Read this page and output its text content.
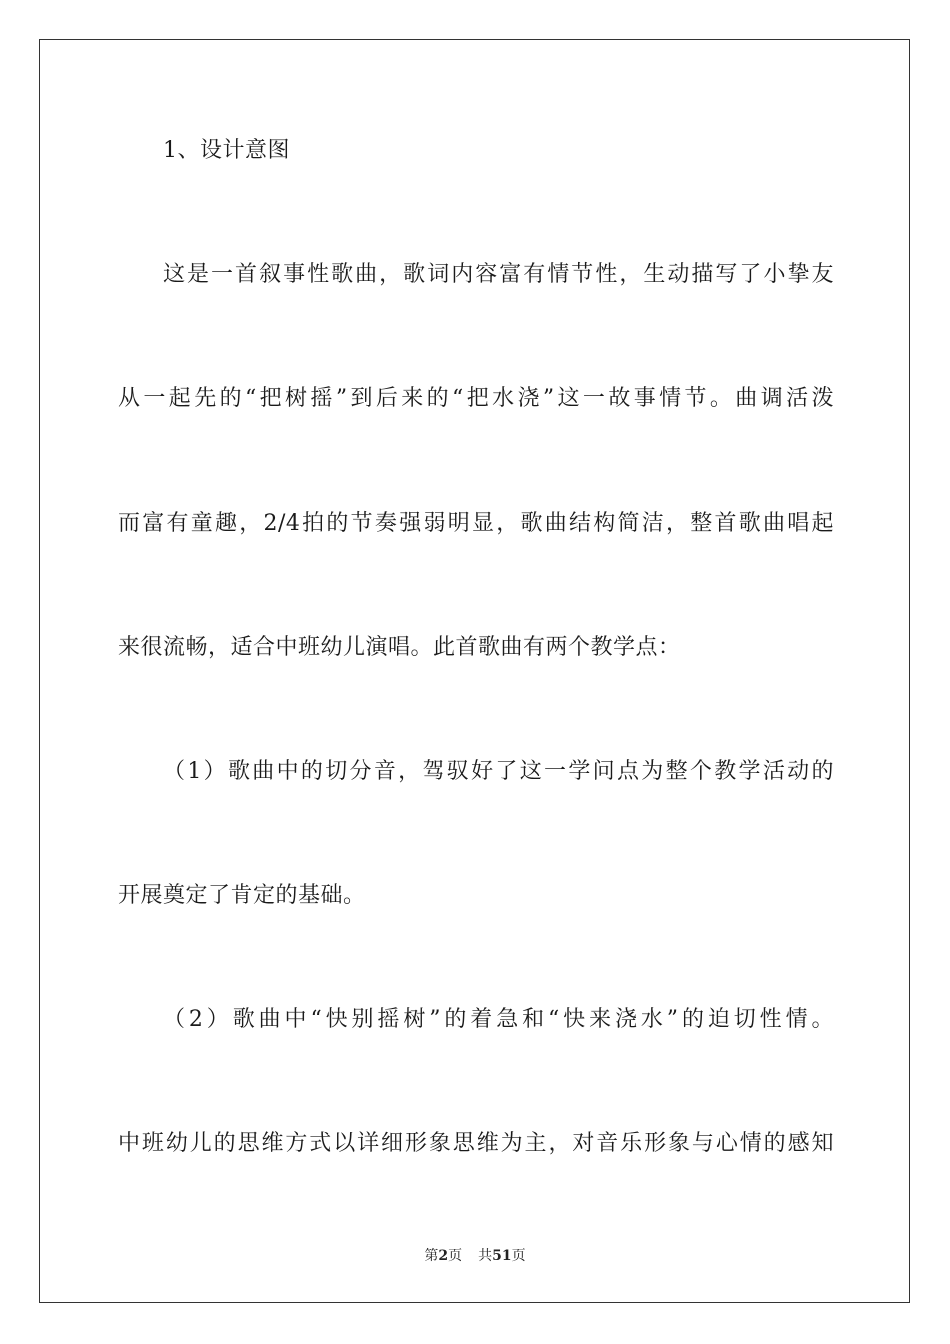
1、设计意图
这是一首叙事性歌曲，歌词内容富有情节性，生动描写了小挚友
从一起先的“把树摇”到后来的“把水浇”这一故事情节。曲调活泼
而富有童趣，2/4拍的节奏强弱明显，歌曲结构简洁，整首歌曲唱起
来很流畅，适合中班幼儿演唱。此首歌曲有两个教学点：
（1）歌曲中的切分音，驾驭好了这一学问点为整个教学活动的
开展奠定了肯定的基础。
（2）歌曲中“快别摇树”的着急和“快来浇水”的迫切性情。
中班幼儿的思维方式以详细形象思维为主，对音乐形象与心情的感知
第2页 共51页
